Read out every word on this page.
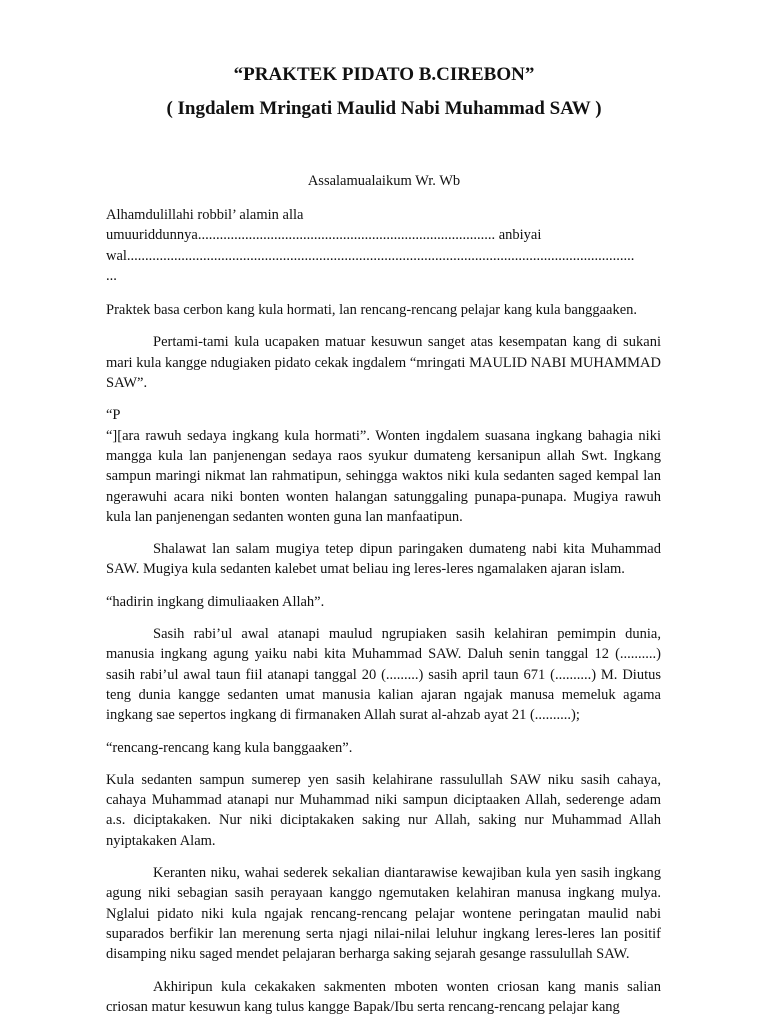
“PRAKTEK PIDATO B.CIREBON”
( Ingdalem Mringati Maulid Nabi Muhammad SAW )

Assalamualaikum Wr. Wb

Alhamdulillahi robbil’ alamin alla
umuuriddunnya.................................................................................. anbiyai
wal............................................................................................................................................
...

Praktek basa cerbon kang kula hormati, lan rencang-rencang pelajar kang kula banggaaken.

Pertami-tami kula ucapaken matuar kesuwun sanget atas kesempatan kang di sukani mari kula kangge ndugiaken pidato cekak ingdalem “mringati MAULID NABI MUHAMMAD SAW”.

“P

“][ara rawuh sedaya ingkang kula hormati”. Wonten ingdalem suasana ingkang bahagia niki mangga kula lan panjenengan sedaya raos syukur dumateng kersanipun allah Swt. Ingkang sampun maringi nikmat lan rahmatipun, sehingga waktos niki kula sedanten saged kempal lan ngerawuhi acara niki bonten wonten halangan satunggaling punapa-punapa. Mugiya rawuh kula lan panjenengan sedanten wonten guna lan manfaatipun.

Shalawat lan salam mugiya tetep dipun paringaken dumateng nabi kita Muhammad SAW. Mugiya kula sedanten kalebet umat beliau ing leres-leres ngamalaken ajaran islam.

“hadirin ingkang dimuliaaken Allah”.

Sasih rabi’ul awal atanapi maulud ngrupiaken sasih kelahiran pemimpin dunia, manusia ingkang agung yaiku nabi kita Muhammad SAW. Daluh senin tanggal 12 (..........) sasih rabi’ul awal taun fiil atanapi tanggal 20 (.........) sasih april taun 671 (..........) M. Diutus teng dunia kangge sedanten umat manusia kalian ajaran ngajak manusa memeluk agama ingkang sae sepertos ingkang di firmanaken Allah surat al-ahzab ayat 21 (..........);

“rencang-rencang kang kula banggaaken”.

Kula sedanten sampun sumerep yen sasih kelahirane rassulullah SAW niku sasih cahaya, cahaya Muhammad atanapi nur Muhammad niki sampun diciptaaken Allah, sederenge adam a.s. diciptakaken. Nur niki diciptakaken saking nur Allah, saking nur Muhammad Allah nyiptakaken Alam.

Keranten niku, wahai sederek sekalian diantarawise kewajiban kula yen sasih ingkang agung niki sebagian sasih perayaan kanggo ngemutaken kelahiran manusa ingkang mulya. Nglalui pidato niki kula ngajak rencang-rencang pelajar wontene peringatan maulid nabi suparados berfikir lan merenung serta njagi nilai-nilai leluhur ingkang leres-leres lan positif disamping niku saged mendet pelajaran berharga saking sejarah gesange rassulullah SAW.

Akhiripun kula cekakaken sakmenten mboten wonten criosan kang manis salian criosan matur kesuwun kang tulus kangge Bapak/Ibu serta rencang-rencang pelajar kang
